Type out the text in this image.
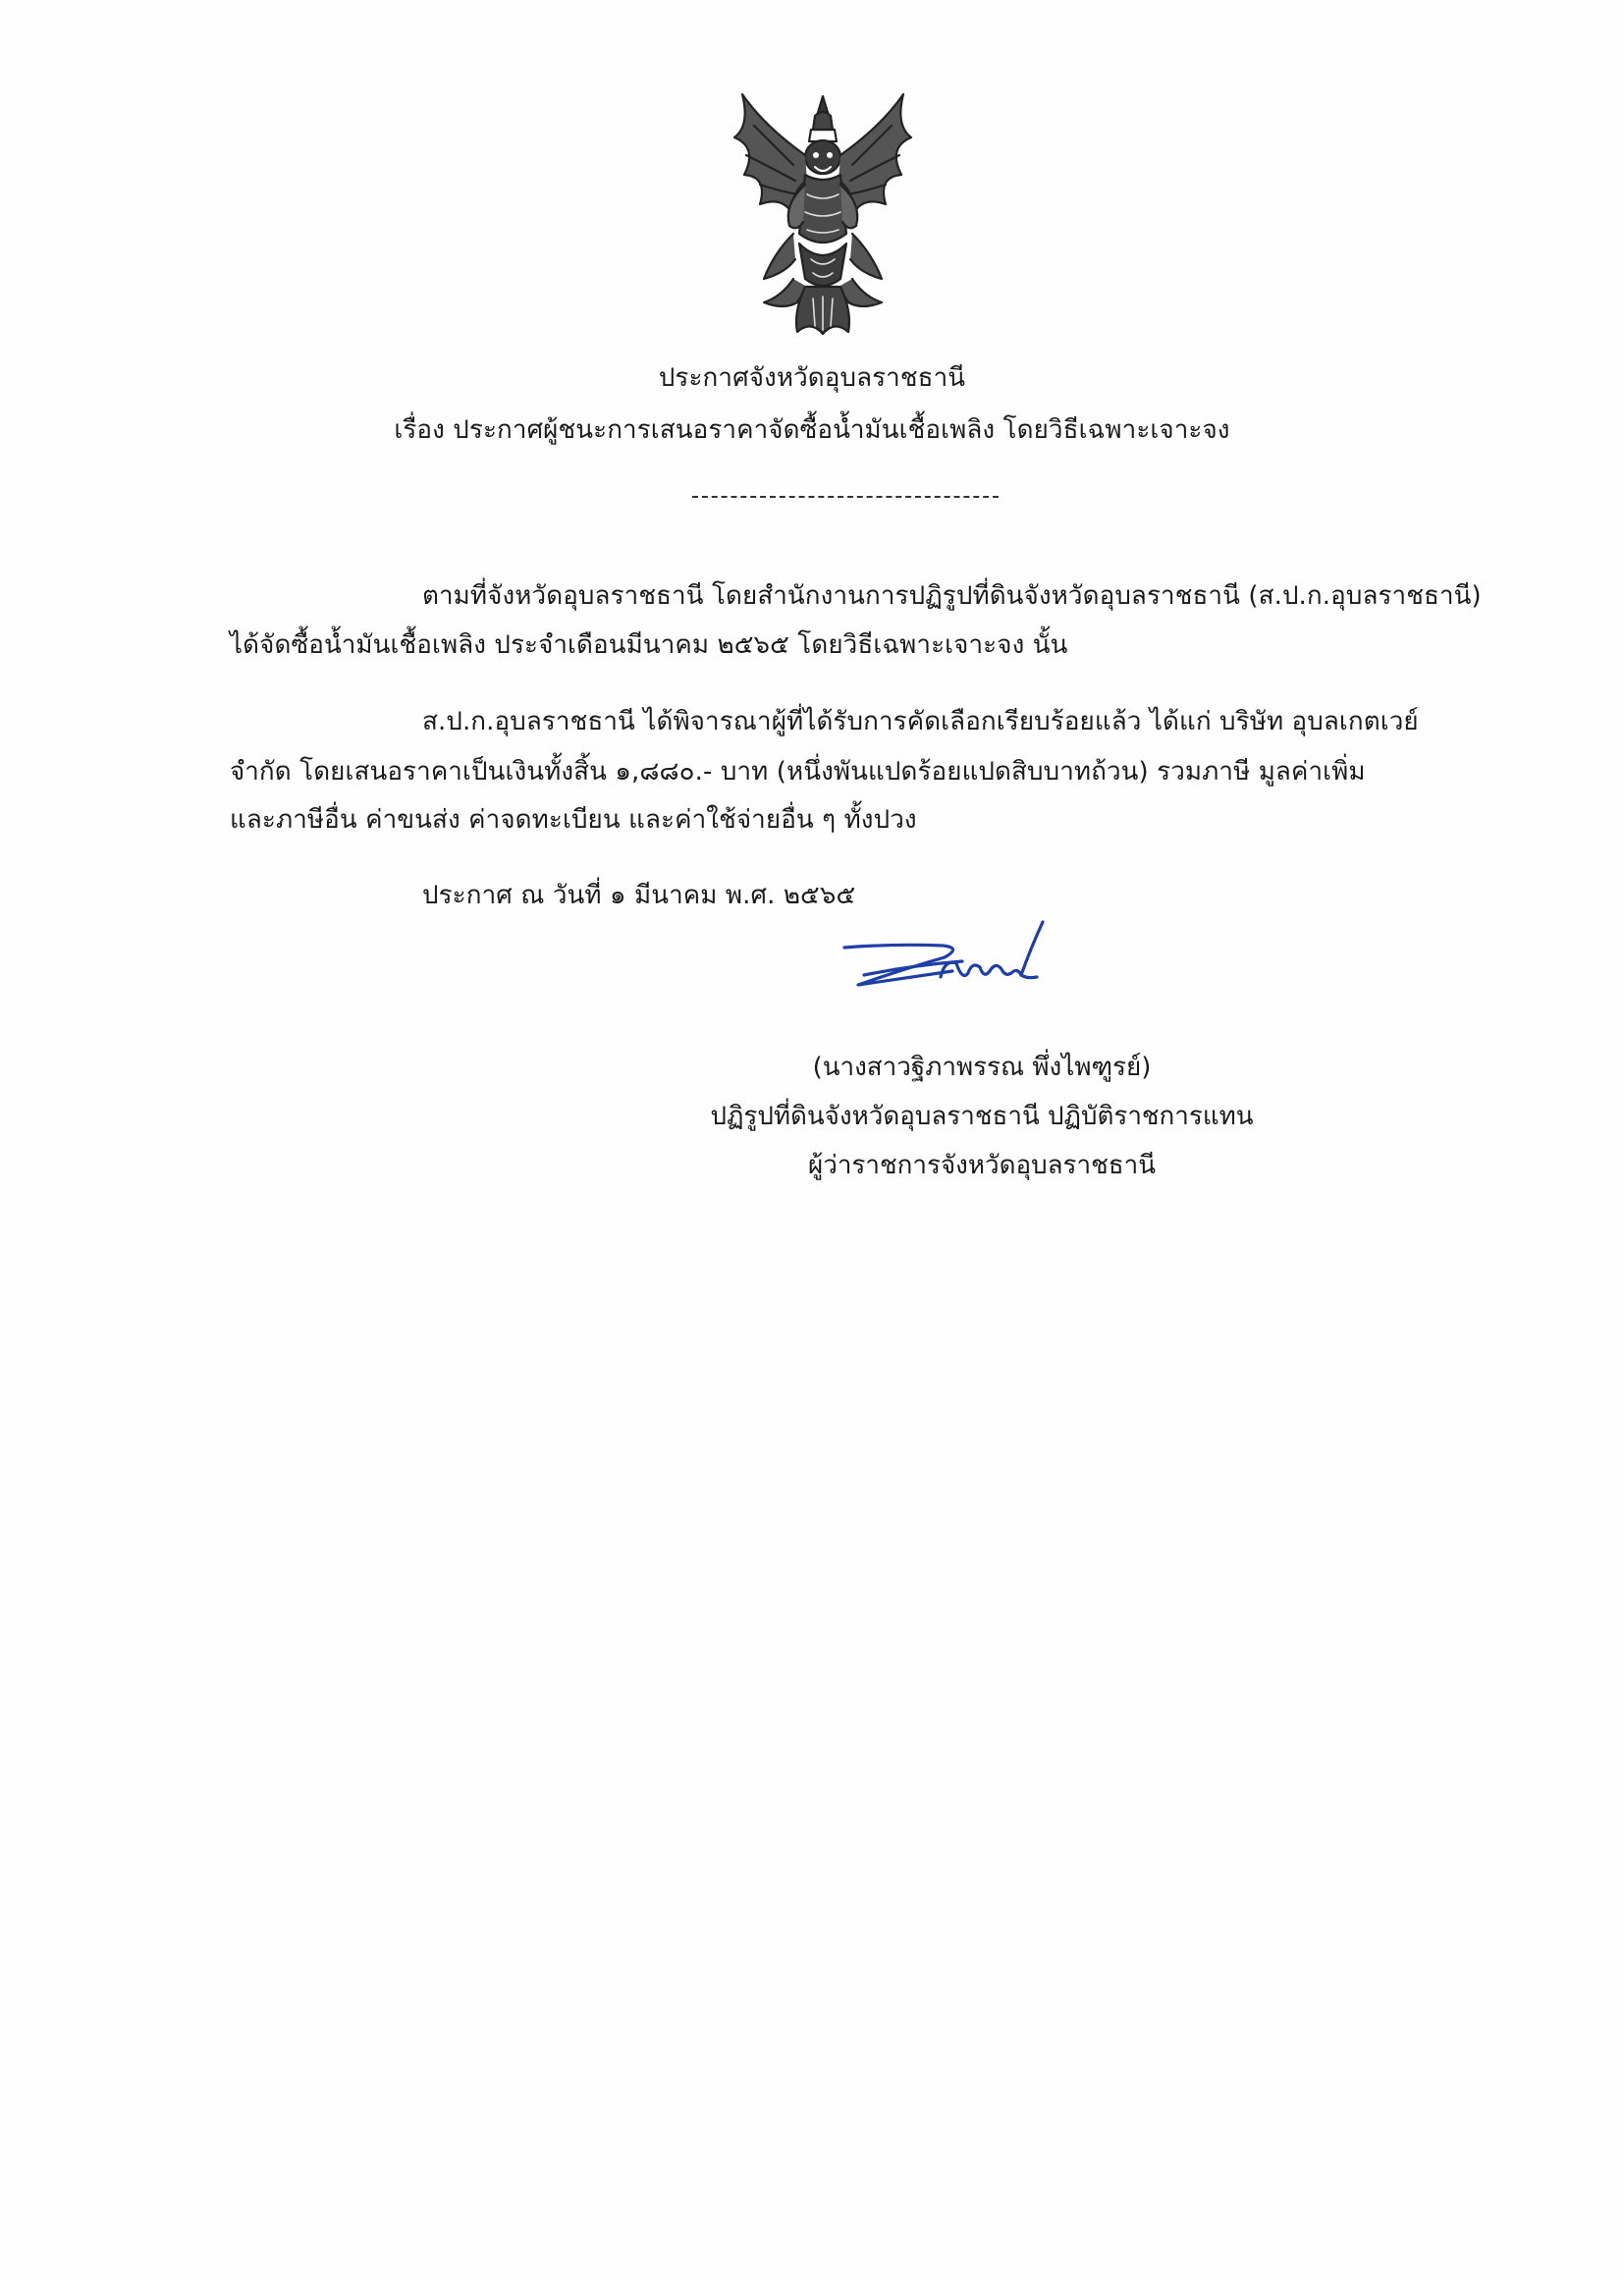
ประกาศจังหวัดอุบลราชธานี
เรื่อง ประกาศผู้ชนะการเสนอราคาจัดซื้อน้ำมันเชื้อเพลิง โดยวิธีเฉพาะเจาะจง
ตามที่จังหวัดอุบลราชธานี โดยสำนักงานการปฏิรูปที่ดินจังหวัดอุบลราชธานี (ส.ป.ก.อุบลราชธานี)
ได้จัดซื้อน้ำมันเชื้อเพลิง ประจำเดือนมีนาคม ๒๕๖๕ โดยวิธีเฉพาะเจาะจง นั้น
ส.ป.ก.อุบลราชธานี ได้พิจารณาผู้ที่ได้รับการคัดเลือกเรียบร้อยแล้ว ได้แก่ บริษัท อุบลเกตเวย์
จำกัด โดยเสนอราคาเป็นเงินทั้งสิ้น ๑,๘๘๐.- บาท (หนึ่งพันแปดร้อยแปดสิบบาทถ้วน) รวมภาษี มูลค่าเพิ่ม
และภาษีอื่น ค่าขนส่ง ค่าจดทะเบียน และค่าใช้จ่ายอื่น ๆ ทั้งปวง
ประกาศ ณ วันที่ ๑ มีนาคม พ.ศ. ๒๕๖๕
(นางสาวฐิภาพรรณ พึ่งไพฑูรย์)
ปฏิรูปที่ดินจังหวัดอุบลราชธานี ปฏิบัติราชการแทน
ผู้ว่าราชการจังหวัดอุบลราชธานี
